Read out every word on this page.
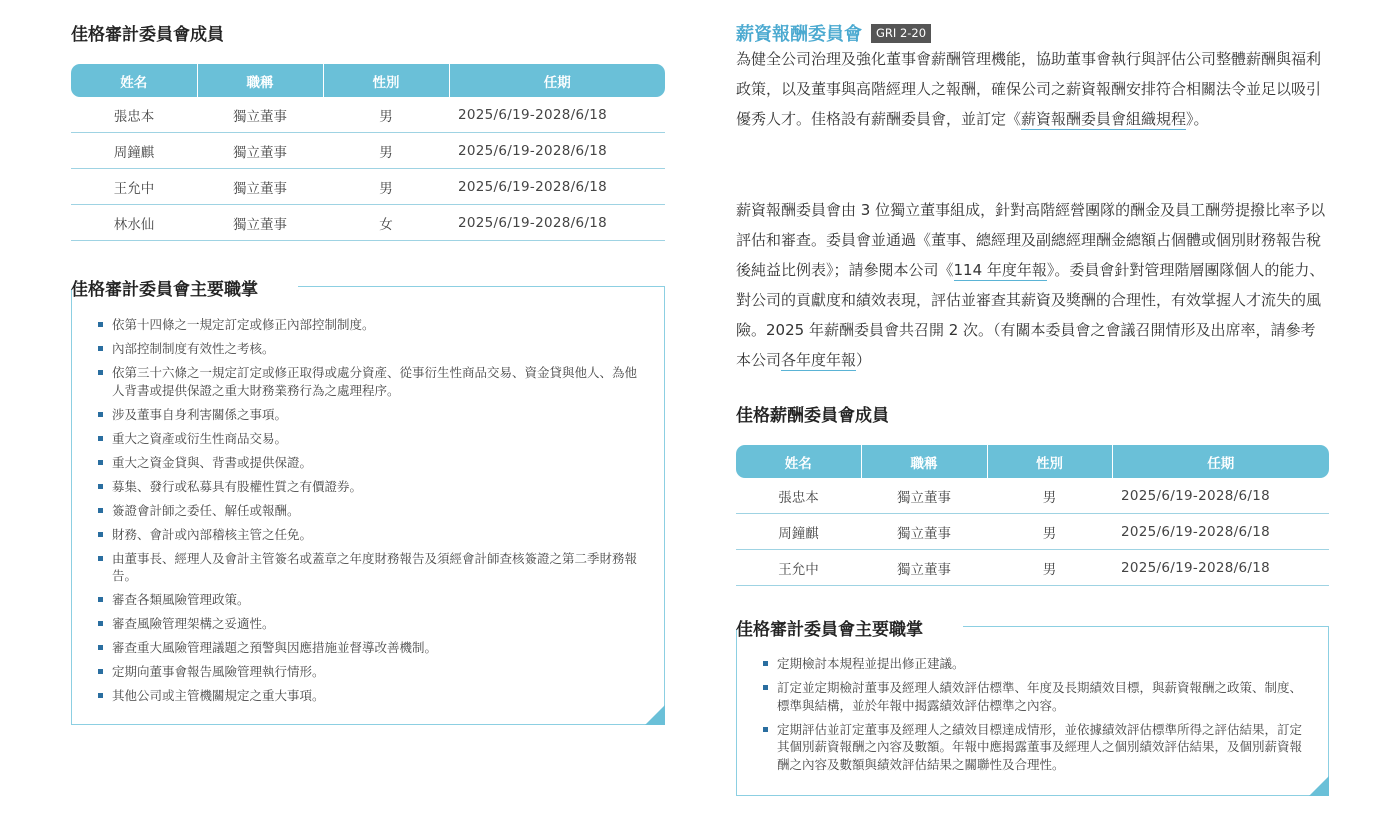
佳格審計委員會成員
姓名	職稱	性別	任期
張忠本	獨立董事	男	2025/6/19-2028/6/18
周鐘麒	獨立董事	男	2025/6/19-2028/6/18
王允中	獨立董事	男	2025/6/19-2028/6/18
林水仙	獨立董事	女	2025/6/19-2028/6/18
佳格審計委員會主要職掌
依第十四條之一規定訂定或修正內部控制制度。
內部控制制度有效性之考核。
依第三十六條之一規定訂定或修正取得或處分資產、從事衍生性商品交易、資金貸與他人、為他人背書或提供保證之重大財務業務行為之處理程序。
涉及董事自身利害關係之事項。
重大之資產或衍生性商品交易。
重大之資金貸與、背書或提供保證。
募集、發行或私募具有股權性質之有價證券。
簽證會計師之委任、解任或報酬。
財務、會計或內部稽核主管之任免。
由董事長、經理人及會計主管簽名或蓋章之年度財務報告及須經會計師查核簽證之第二季財務報告。
審查各類風險管理政策。
審查風險管理架構之妥適性。
審查重大風險管理議題之預警與因應措施並督導改善機制。
定期向董事會報告風險管理執行情形。
其他公司或主管機關規定之重大事項。
薪資報酬委員會 GRI 2-20

為健全公司治理及強化董事會薪酬管理機能，協助董事會執行與評估公司整體薪酬與福利政策，以及董事與高階經理人之報酬，確保公司之薪資報酬安排符合相關法令並足以吸引優秀人才。佳格設有薪酬委員會，並訂定《薪資報酬委員會組織規程》。

薪資報酬委員會由 3 位獨立董事組成，針對高階經營團隊的酬金及員工酬勞提撥比率予以評估和審查。委員會並通過《董事、總經理及副總經理酬金總額占個體或個別財務報告稅後純益比例表》；請參閱本公司《114 年度年報》。委員會針對管理階層團隊個人的能力、對公司的貢獻度和績效表現，評估並審查其薪資及獎酬的合理性，有效掌握人才流失的風險。2025 年薪酬委員會共召開 2 次。（有關本委員會之會議召開情形及出席率，請參考本公司各年度年報）

佳格薪酬委員會成員
姓名	職稱	性別	任期
張忠本	獨立董事	男	2025/6/19-2028/6/18
周鐘麒	獨立董事	男	2025/6/19-2028/6/18
王允中	獨立董事	男	2025/6/19-2028/6/18
佳格審計委員會主要職掌
定期檢討本規程並提出修正建議。
訂定並定期檢討董事及經理人績效評估標準、年度及長期績效目標，與薪資報酬之政策、制度、標準與結構，並於年報中揭露績效評估標準之內容。
定期評估並訂定董事及經理人之績效目標達成情形，並依據績效評估標準所得之評估結果，訂定其個別薪資報酬之內容及數額。年報中應揭露董事及經理人之個別績效評估結果，及個別薪資報酬之內容及數額與績效評估結果之關聯性及合理性。
